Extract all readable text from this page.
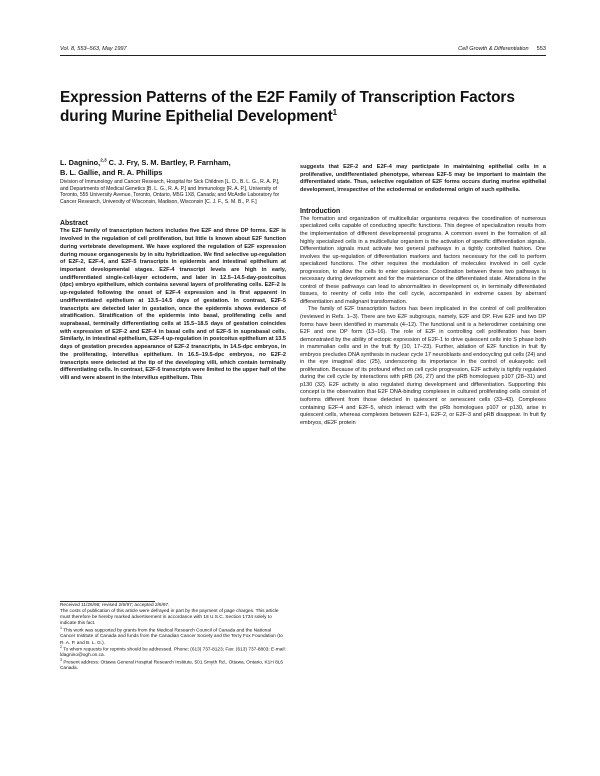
Vol. 8, 553–563, May 1997	Cell Growth & Differentiation 553
Expression Patterns of the E2F Family of Transcription Factors during Murine Epithelial Development$^1$
L. Dagnino,$^{2,3}$ C. J. Fry, S. M. Bartley, P. Farnham,
B. L. Gallie, and R. A. Phillips
Division of Immunology and Cancer Research, Hospital for Sick Children [L. D., B. L. G., R. A. P.], and Departments of Medical Genetics [B. L. G., R. A. P.] and Immunology [R. A. P.], University of Toronto, 555 University Avenue, Toronto, Ontario, M5G 1X8, Canada; and McArdle Laboratory for Cancer Research, University of Wisconsin, Madison, Wisconsin [C. J. F., S. M. B., P. F.]
Abstract
The E2F family of transcription factors includes five E2F and three DP forms. E2F is involved in the regulation of cell proliferation, but little is known about E2F function during vertebrate development. We have explored the regulation of E2F expression during mouse organogenesis by in situ hybridization. We find selective up-regulation of E2F-2, E2F-4, and E2F-5 transcripts in epidermis and intestinal epithelium at important developmental stages. E2F-4 transcript levels are high in early, undifferentiated single-cell-layer ectoderm, and later in 12.5–14.5-day-postcoitus (dpc) embryo epithelium, which contains several layers of proliferating cells. E2F-2 is up-regulated following the onset of E2F-4 expression and is first apparent in undifferentiated epithelium at 13.5–14.5 days of gestation. In contrast, E2F-5 transcripts are detected later in gestation, once the epidermis shows evidence of stratification. Stratification of the epidermis into basal, proliferating cells and suprabasal, terminally differentiating cells at 15.5–18.5 days of gestation coincides with expression of E2F-2 and E2F-4 in basal cells and of E2F-5 in suprabasal cells. Similarly, in intestinal epithelium, E2F-4 up-regulation in postcoitus epithelium at 13.5 days of gestation precedes appearance of E2F-2 transcripts, in 14.5-dpc embryos, in the proliferating, intervillus epithelium. In 16.5–19.5-dpc embryos, no E2F-2 transcripts were detected at the tip of the developing villi, which contain terminally differentiating cells. In contrast, E2F-5 transcripts were limited to the upper half of the villi and were absent in the intervillus epithelium. This
Received 11/26/96; revised 2/6/97; accepted 2/6/97.
The costs of publication of this article were defrayed in part by the payment of page charges. This article must therefore be hereby marked advertisement in accordance with 18 U.S.C. Section 1734 solely to indicate this fact.
$^1$ This work was supported by grants from the Medical Research Council of Canada and the National Cancer Institute of Canada and funds from the Canadian Cancer Society and the Terry Fox Foundation (to R. A. P. and B. L. G.).
$^2$ To whom requests for reprints should be addressed. Phone: (613) 737-8123; Fax: (613) 737-8803; E-mail: ldagnino@ogh.on.ca.
$^3$ Present address: Ottawa General Hospital Research Institute, 501 Smyth Rd., Ottawa, Ontario, K1H 8L6 Canada.
suggests that E2F-2 and E2F-4 may participate in maintaining epithelial cells in a proliferative, undifferentiated phenotype, whereas E2F-5 may be important to maintain the differentiated state. Thus, selective regulation of E2F forms occurs during murine epithelial development, irrespective of the ectodermal or endodermal origin of such epithelia.
Introduction
The formation and organization of multicellular organisms requires the coordination of numerous specialized cells capable of conducting specific functions. This degree of specialization results from the implementation of different developmental programs. A common event in the formation of all highly specialized cells in a multicellular organism is the activation of specific differentiation signals. Differentiation signals must activate two general pathways in a tightly controlled fashion. One involves the up-regulation of differentiation markers and factors necessary for the cell to perform specialized functions. The other requires the modulation of molecules involved in cell cycle progression, to allow the cells to enter quiescence. Coordination between these two pathways is necessary during development and for the maintenance of the differentiated state. Alterations in the control of these pathways can lead to abnormalities in development or, in terminally differentiated tissues, to reentry of cells into the cell cycle, accompanied in extreme cases by aberrant differentiation and malignant transformation.
The family of E2F transcription factors has been implicated in the control of cell proliferation (reviewed in Refs. 1–3). There are two E2F subgroups, namely, E2F and DP. Five E2F and two DP forms have been identified in mammals (4–12). The functional unit is a heterodimer containing one E2F and one DP form (13–16). The role of E2F in controlling cell proliferation has been demonstrated by the ability of ectopic expression of E2F-1 to drive quiescent cells into S phase both in mammalian cells and in the fruit fly (10, 17–23). Further, ablation of E2F function in fruit fly embryos precludes DNA synthesis in nuclear cycle 17 neuroblasts and endocycling gut cells (24) and in the eye imaginal disc (25), underscoring its importance in the control of eukaryotic cell proliferation. Because of its profound effect on cell cycle progression, E2F activity is tightly regulated during the cell cycle by interactions with pRB (26, 27) and the pRB homologues p107 (28–31) and p130 (32). E2F activity is also regulated during development and differentiation. Supporting this concept is the observation that E2F DNA-binding complexes in cultured proliferating cells consist of isoforms different from those detected in quiescent or senescent cells (33–43). Complexes containing E2F-4 and E2F-5, which interact with the pRb homologues p107 or p130, arise in quiescent cells, whereas complexes between E2F-1, E2F-2, or E2F-3 and pRB disappear. In fruit fly embryos, dE2F protein
